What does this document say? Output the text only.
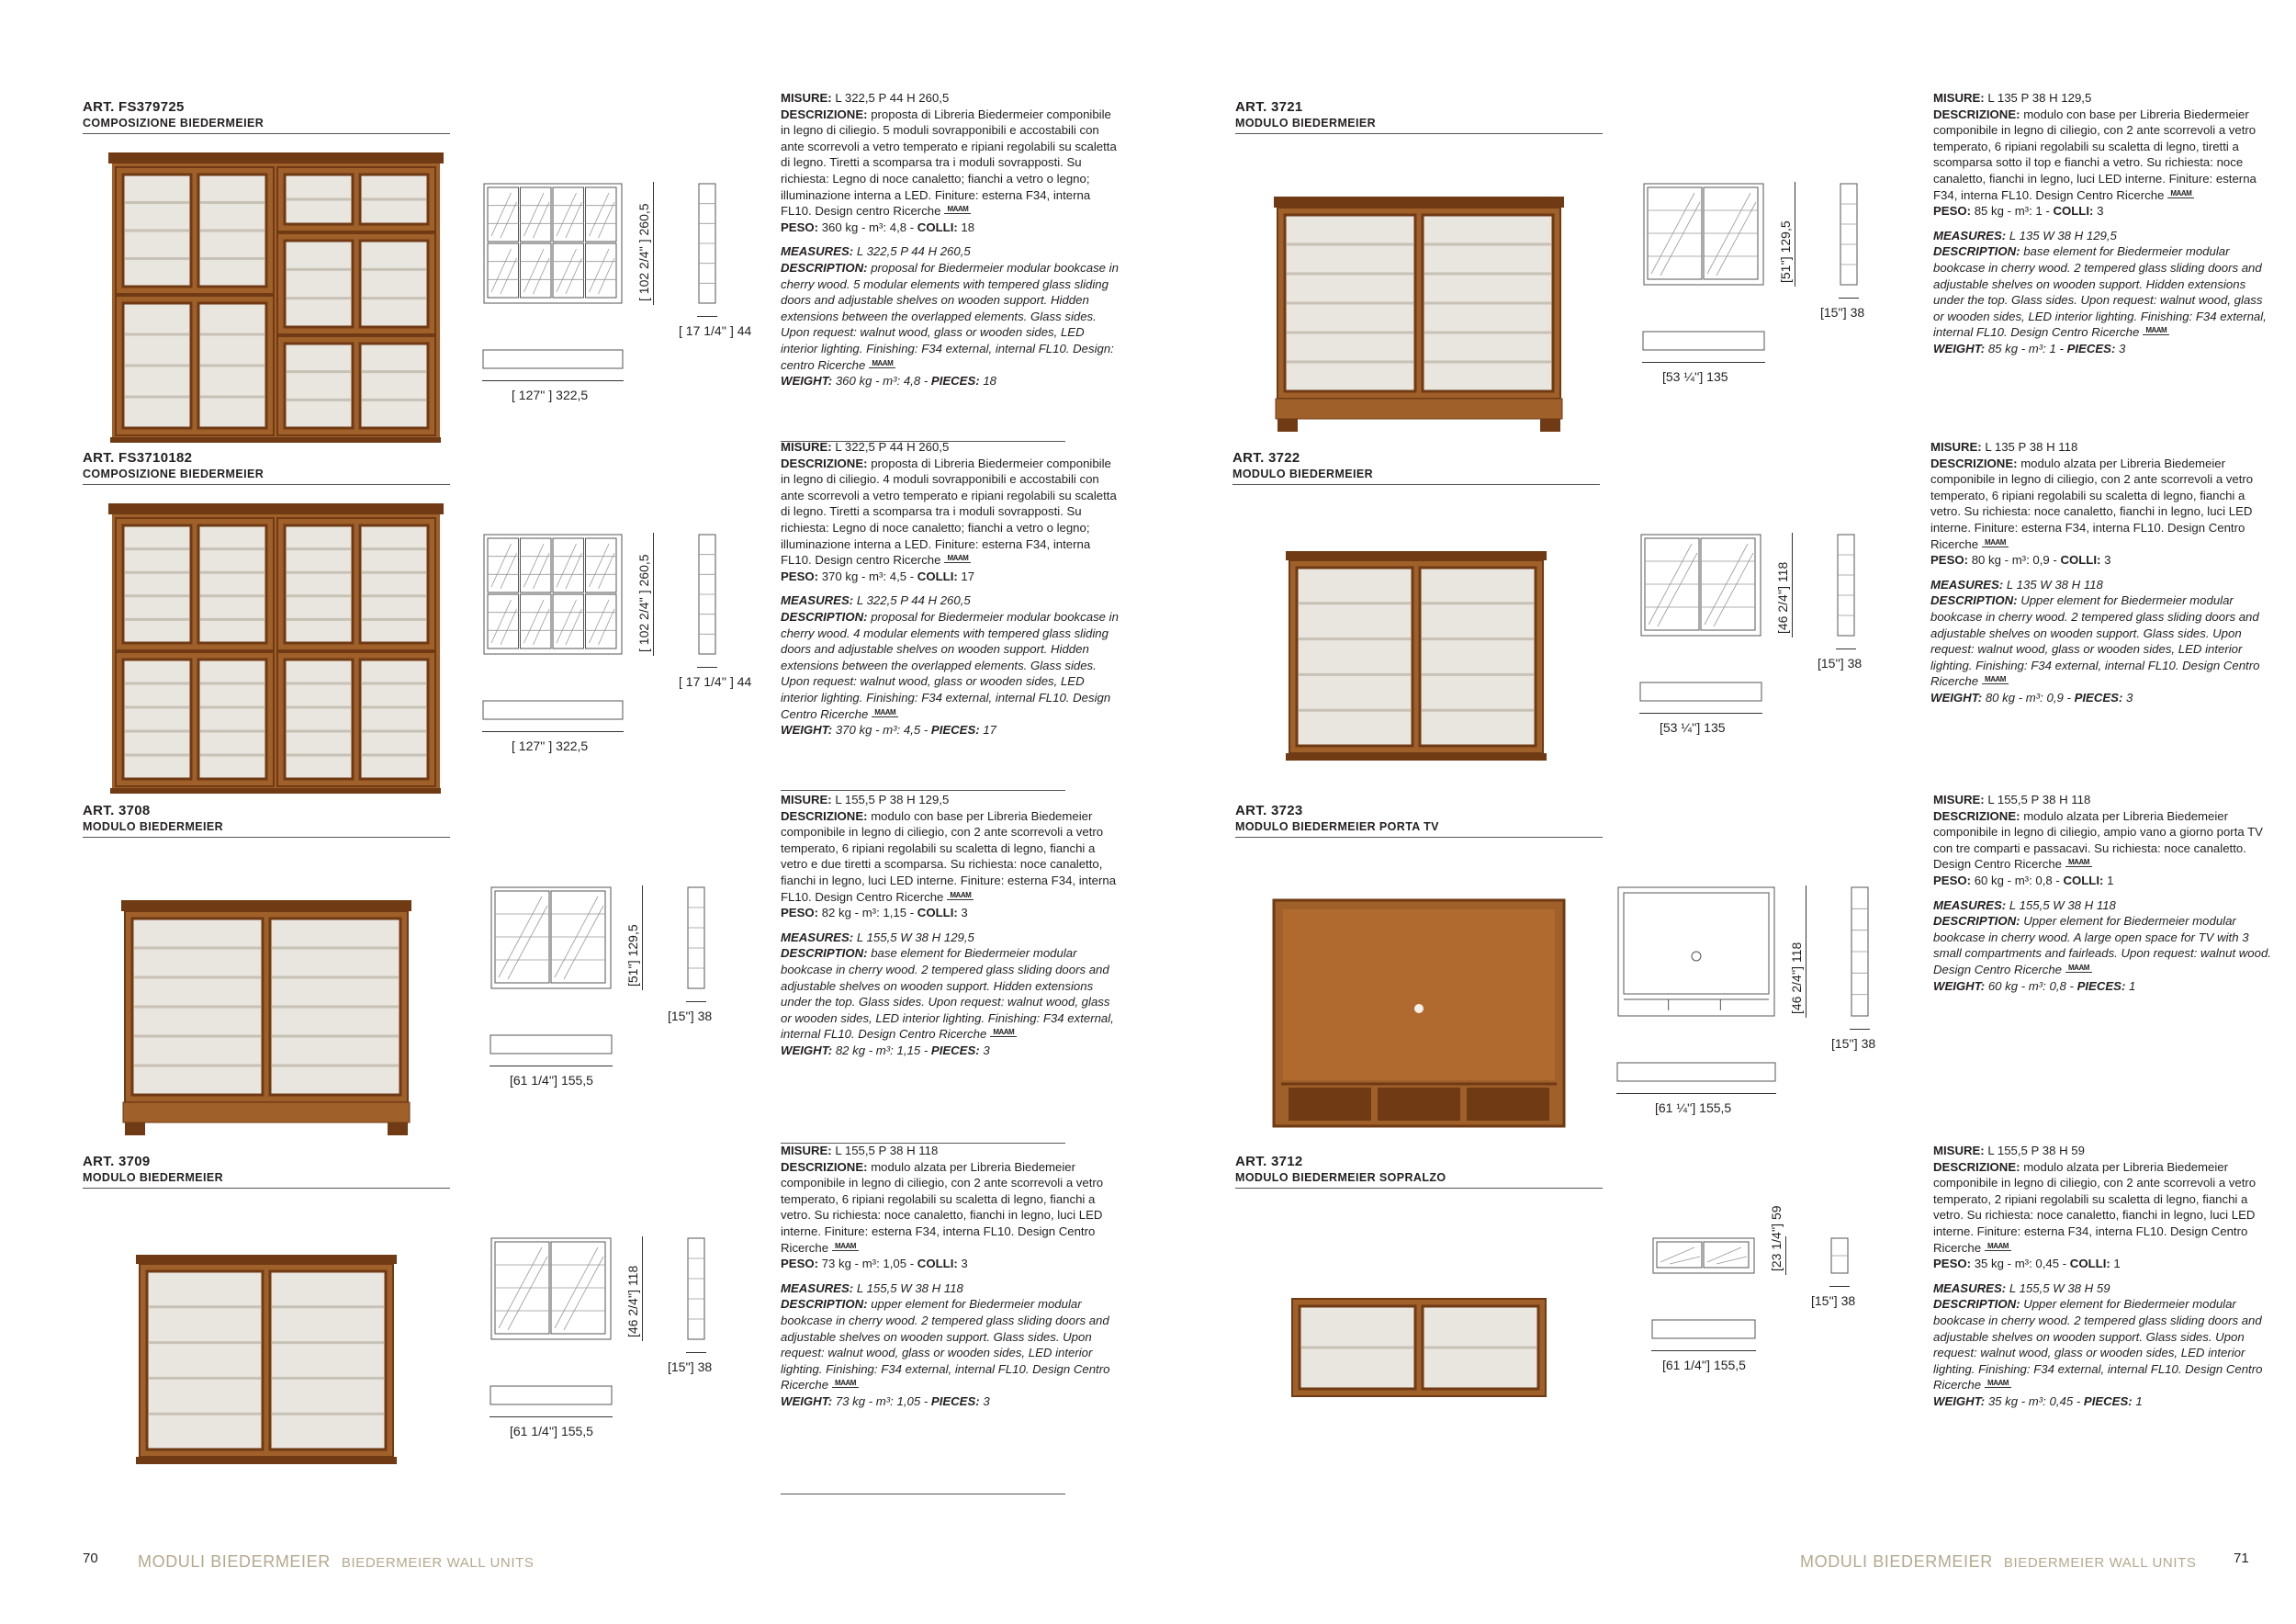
ART. FS379725
COMPOSIZIONE BIEDERMEIER
[ 102 2/4'' ] 260,5
[ 127'' ] 322,5
[ 17 1/4'' ] 44

MISURE: L 322,5 P 44 H 260,5

DESCRIZIONE: proposta di Libreria Biedermeier componibile in legno di ciliegio. 5 moduli sovrapponibili e accostabili con ante scorrevoli a vetro temperato e ripiani regolabili su scaletta di legno. Tiretti a scomparsa tra i moduli sovrapposti. Su richiesta: Legno di noce canaletto; fianchi a vetro o legno; illuminazione interna a LED. Finiture: esterna F34, interna FL10. Design centro Ricerche MAAM

PESO: 360 kg - m³: 4,8 - COLLI: 18

MEASURES: L 322,5 P 44 H 260,5

DESCRIPTION: proposal for Biedermeier modular bookcase in cherry wood. 5 modular elements with tempered glass sliding doors and adjustable shelves on wooden support. Hidden extensions between the overlapped elements. Glass sides. Upon request: walnut wood, glass or wooden sides, LED interior lighting. Finishing: F34 external, internal FL10. Design: centro Ricerche MAAM

WEIGHT: 360 kg - m³: 4,8 - PIECES: 18

ART. FS3710182
COMPOSIZIONE BIEDERMEIER
[ 102 2/4'' ] 260,5
[ 127'' ] 322,5
[ 17 1/4'' ] 44

MISURE: L 322,5 P 44 H 260,5

DESCRIZIONE: proposta di Libreria Biedermeier componibile in legno di ciliegio. 4 moduli sovrapponibili e accostabili con ante scorrevoli a vetro temperato e ripiani regolabili su scaletta di legno. Tiretti a scomparsa tra i moduli sovrapposti. Su richiesta: Legno di noce canaletto; fianchi a vetro o legno; illuminazione interna a LED. Finiture: esterna F34, interna FL10. Design centro Ricerche MAAM

PESO: 370 kg - m³: 4,5 - COLLI: 17

MEASURES: L 322,5 P 44 H 260,5

DESCRIPTION: proposal for Biedermeier modular bookcase in cherry wood. 4 modular elements with tempered glass sliding doors and adjustable shelves on wooden support. Hidden extensions between the overlapped elements. Glass sides. Upon request: walnut wood, glass or wooden sides, LED interior lighting. Finishing: F34 external, internal FL10. Design Centro Ricerche MAAM

WEIGHT: 370 kg - m³: 4,5 - PIECES: 17

ART. 3708
MODULO BIEDERMEIER
[51''] 129,5
[61 1/4''] 155,5
[15''] 38

MISURE: L 155,5 P 38 H 129,5

DESCRIZIONE: modulo con base per Libreria Biedemeier componibile in legno di ciliegio, con 2 ante scorrevoli a vetro temperato, 6 ripiani regolabili su scaletta di legno, fianchi a vetro e due tiretti a scomparsa. Su richiesta: noce canaletto, fianchi in legno, luci LED interne. Finiture: esterna F34, interna FL10. Design Centro Ricerche MAAM

PESO: 82 kg - m³: 1,15 - COLLI: 3

MEASURES: L 155,5 W 38 H 129,5

DESCRIPTION: base element for Biedermeier modular bookcase in cherry wood. 2 tempered glass sliding doors and adjustable shelves on wooden support. Hidden extensions under the top. Glass sides. Upon request: walnut wood, glass or wooden sides, LED interior lighting. Finishing: F34 external, internal FL10. Design Centro Ricerche MAAM

WEIGHT: 82 kg - m³: 1,15 - PIECES: 3

ART. 3709
MODULO BIEDERMEIER
[46 2/4''] 118
[61 1/4''] 155,5
[15''] 38

MISURE: L 155,5 P 38 H 118

DESCRIZIONE: modulo alzata per Libreria Biedemeier componibile in legno di ciliegio, con 2 ante scorrevoli a vetro temperato, 6 ripiani regolabili su scaletta di legno, fianchi a vetro. Su richiesta: noce canaletto, fianchi in legno, luci LED interne. Finiture: esterna F34, interna FL10. Design Centro Ricerche MAAM

PESO: 73 kg - m³: 1,05 - COLLI: 3

MEASURES: L 155,5 W 38 H 118

DESCRIPTION: upper element for Biedermeier modular bookcase in cherry wood. 2 tempered glass sliding doors and adjustable shelves on wooden support. Glass sides. Upon request: walnut wood, glass or wooden sides, LED interior lighting. Finishing: F34 external, internal FL10. Design Centro Ricerche MAAM

WEIGHT: 73 kg - m³: 1,05 - PIECES: 3

ART. 3721
MODULO BIEDERMEIER
[51''] 129,5
[53 ¼''] 135
[15''] 38

MISURE: L 135 P 38 H 129,5

DESCRIZIONE: modulo con base per Libreria Biedermeier componibile in legno di ciliegio, con 2 ante scorrevoli a vetro temperato, 6 ripiani regolabili su scaletta di legno, tiretti a scomparsa sotto il top e fianchi a vetro. Su richiesta: noce canaletto, fianchi in legno, luci LED interne. Finiture: esterna F34, interna FL10. Design Centro Ricerche MAAM

PESO: 85 kg - m³: 1 - COLLI: 3

MEASURES: L 135 W 38 H 129,5

DESCRIPTION: base element for Biedermeier modular bookcase in cherry wood. 2 tempered glass sliding doors and adjustable shelves on wooden support. Hidden extensions under the top. Glass sides. Upon request: walnut wood, glass or wooden sides, LED interior lighting. Finishing: F34 external, internal FL10. Design Centro Ricerche MAAM

WEIGHT: 85 kg - m³: 1 - PIECES: 3

ART. 3722
MODULO BIEDERMEIER
[46 2/4''] 118
[53 ¼''] 135
[15''] 38

MISURE: L 135 P 38 H 118

DESCRIZIONE: modulo alzata per Libreria Biedemeier componibile in legno di ciliegio, con 2 ante scorrevoli a vetro temperato, 6 ripiani regolabili su scaletta di legno, fianchi a vetro. Su richiesta: noce canaletto, fianchi in legno, luci LED interne. Finiture: esterna F34, interna FL10. Design Centro Ricerche MAAM

PESO: 80 kg - m³: 0,9 - COLLI: 3

MEASURES: L 135 W 38 H 118

DESCRIPTION: Upper element for Biedermeier modular bookcase in cherry wood. 2 tempered glass sliding doors and adjustable shelves on wooden support. Glass sides. Upon request: walnut wood, glass or wooden sides, LED interior lighting. Finishing: F34 external, internal FL10. Design Centro Ricerche MAAM

WEIGHT: 80 kg - m³: 0,9 - PIECES: 3

ART. 3723
MODULO BIEDERMEIER PORTA TV
[46 2/4''] 118
[61 ¼''] 155,5
[15''] 38

MISURE: L 155,5 P 38 H 118

DESCRIZIONE: modulo alzata per Libreria Biedemeier componibile in legno di ciliegio, ampio vano a giorno porta TV con tre comparti e passacavi. Su richiesta: noce canaletto. Design Centro Ricerche MAAM

PESO: 60 kg - m³: 0,8 - COLLI: 1

MEASURES: L 155,5 W 38 H 118

DESCRIPTION: Upper element for Biedermeier modular bookcase in cherry wood. A large open space for TV with 3 small compartments and fairleads. Upon request: walnut wood. Design Centro Ricerche MAAM

WEIGHT: 60 kg - m³: 0,8 - PIECES: 1

ART. 3712
MODULO BIEDERMEIER SOPRALZO
[23 1/4''] 59
[61 1/4''] 155,5
[15''] 38

MISURE: L 155,5 P 38 H 59

DESCRIZIONE: modulo alzata per Libreria Biedemeier componibile in legno di ciliegio, con 2 ante scorrevoli a vetro temperato, 2 ripiani regolabili su scaletta di legno, fianchi a vetro. Su richiesta: noce canaletto, fianchi in legno, luci LED interne. Finiture: esterna F34, interna FL10. Design Centro Ricerche MAAM

PESO: 35 kg - m³: 0,45 - COLLI: 1

MEASURES: L 155,5 W 38 H 59

DESCRIPTION: Upper element for Biedermeier modular bookcase in cherry wood. 2 tempered glass sliding doors and adjustable shelves on wooden support. Glass sides. Upon request: walnut wood, glass or wooden sides, LED interior lighting. Finishing: F34 external, internal FL10. Design Centro Ricerche MAAM

WEIGHT: 35 kg - m³: 0,45 - PIECES: 1

70 MODULI BIEDERMEIER BIEDERMEIER WALL UNITS	MODULI BIEDERMEIER BIEDERMEIER WALL UNITS	71
